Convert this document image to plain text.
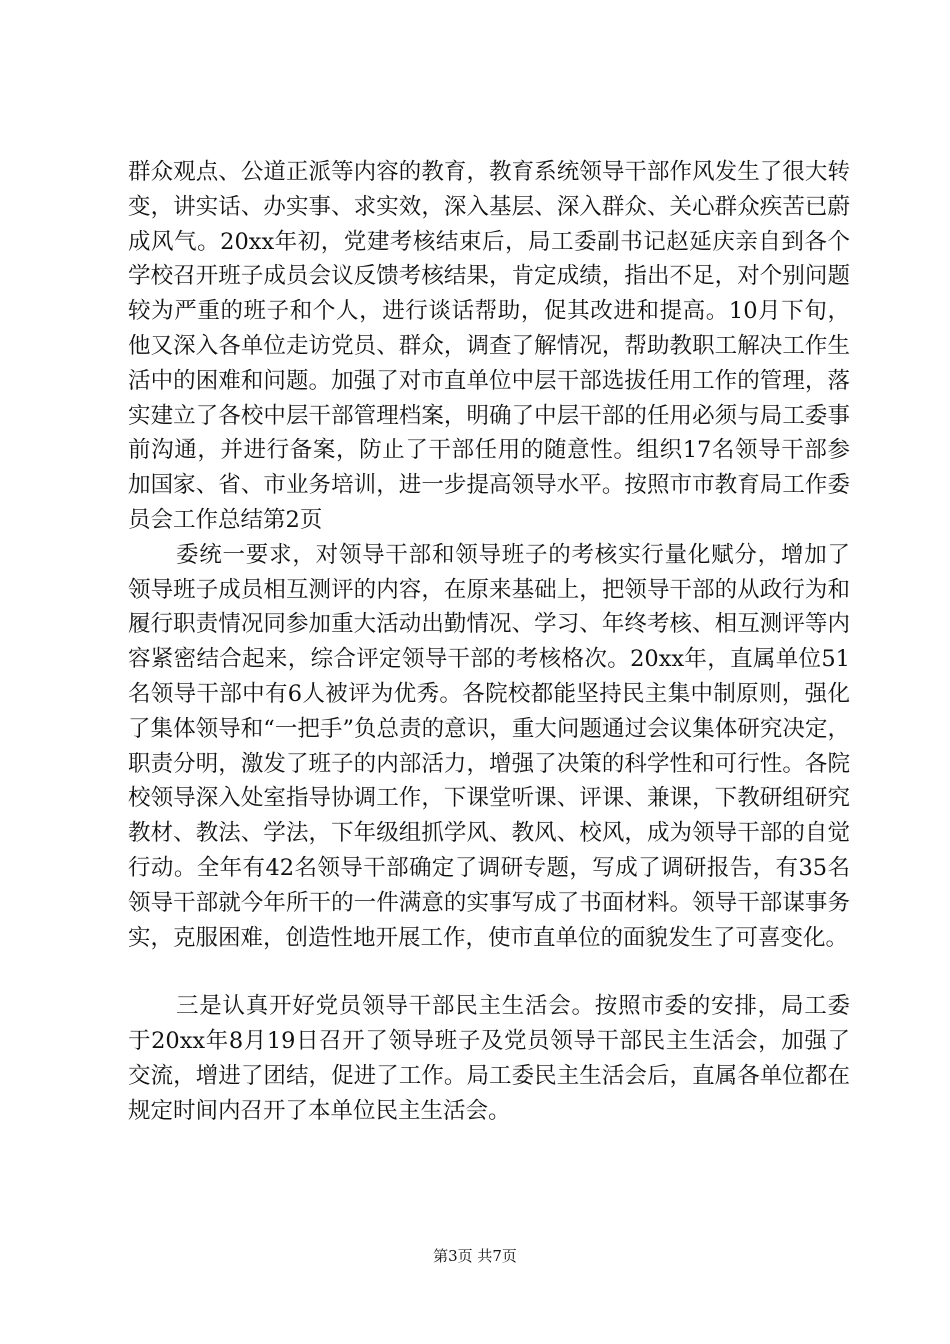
群众观点、公道正派等内容的教育，教育系统领导干部作风发生了很大转变，讲实话、办实事、求实效，深入基层、深入群众、关心群众疾苦已蔚成风气。20xx年初，党建考核结束后，局工委副书记赵延庆亲自到各个学校召开班子成员会议反馈考核结果，肯定成绩，指出不足，对个别问题较为严重的班子和个人，进行谈话帮助，促其改进和提高。10月下旬，他又深入各单位走访党员、群众，调查了解情况，帮助教职工解决工作生活中的困难和问题。加强了对市直单位中层干部选拔任用工作的管理，落实建立了各校中层干部管理档案，明确了中层干部的任用必须与局工委事前沟通，并进行备案，防止了干部任用的随意性。组织17名领导干部参加国家、省、市业务培训，进一步提高领导水平。按照市市教育局工作委员会工作总结第2页

委统一要求，对领导干部和领导班子的考核实行量化赋分，增加了领导班子成员相互测评的内容，在原来基础上，把领导干部的从政行为和履行职责情况同参加重大活动出勤情况、学习、年终考核、相互测评等内容紧密结合起来，综合评定领导干部的考核格次。20xx年，直属单位51名领导干部中有6人被评为优秀。各院校都能坚持民主集中制原则，强化了集体领导和“一把手”负总责的意识，重大问题通过会议集体研究决定，职责分明，激发了班子的内部活力，增强了决策的科学性和可行性。各院校领导深入处室指导协调工作，下课堂听课、评课、兼课，下教研组研究教材、教法、学法，下年级组抓学风、教风、校风，成为领导干部的自觉行动。全年有42名领导干部确定了调研专题，写成了调研报告，有35名领导干部就今年所干的一件满意的实事写成了书面材料。领导干部谋事务实，克服困难，创造性地开展工作，使市直单位的面貌发生了可喜变化。

三是认真开好党员领导干部民主生活会。按照市委的安排，局工委于20xx年8月19日召开了领导班子及党员领导干部民主生活会，加强了交流，增进了团结，促进了工作。局工委民主生活会后，直属各单位都在规定时间内召开了本单位民主生活会。

第3页 共7页
